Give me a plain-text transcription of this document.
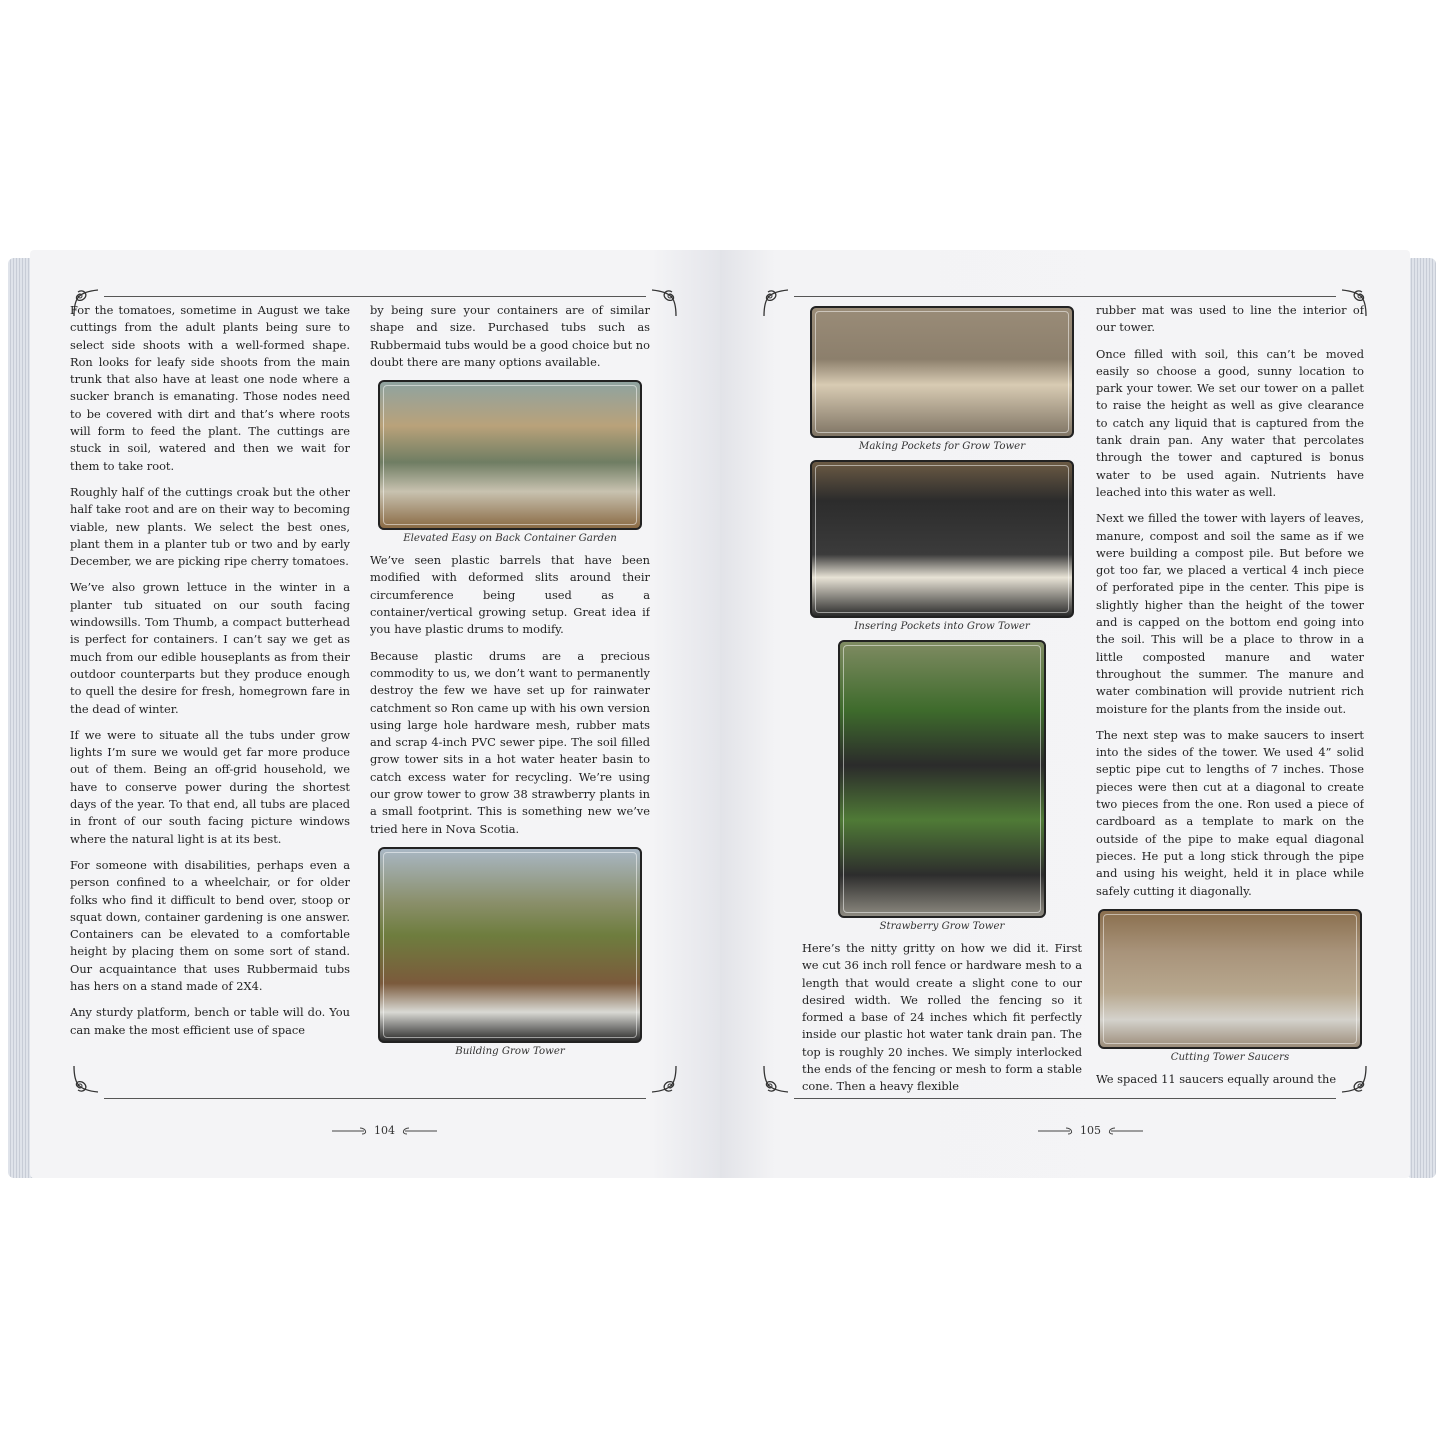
For the tomatoes, sometime in August we take cuttings from the adult plants being sure to select side shoots with a well-formed shape. Ron looks for leafy side shoots from the main trunk that also have at least one node where a sucker branch is emanating. Those nodes need to be covered with dirt and that’s where roots will form to feed the plant. The cuttings are stuck in soil, watered and then we wait for them to take root.

Roughly half of the cuttings croak but the other half take root and are on their way to becoming viable, new plants. We select the best ones, plant them in a planter tub or two and by early December, we are picking ripe cherry tomatoes.

We’ve also grown lettuce in the winter in a planter tub situated on our south facing windowsills. Tom Thumb, a compact butterhead is perfect for containers. I can’t say we get as much from our edible houseplants as from their outdoor counterparts but they produce enough to quell the desire for fresh, homegrown fare in the dead of winter.

If we were to situate all the tubs under grow lights I’m sure we would get far more produce out of them. Being an off-grid household, we have to conserve power during the shortest days of the year. To that end, all tubs are placed in front of our south facing picture windows where the natural light is at its best.

For someone with disabilities, perhaps even a person confined to a wheelchair, or for older folks who find it difficult to bend over, stoop or squat down, container gardening is one answer. Containers can be elevated to a comfortable height by placing them on some sort of stand. Our acquaintance that uses Rubbermaid tubs has hers on a stand made of 2X4.

Any sturdy platform, bench or table will do. You can make the most efficient use of space

by being sure your containers are of similar shape and size. Purchased tubs such as Rubbermaid tubs would be a good choice but no doubt there are many options available.

Elevated Easy on Back Container Garden

We’ve seen plastic barrels that have been modified with deformed slits around their circumference being used as a container/vertical growing setup. Great idea if you have plastic drums to modify.

Because plastic drums are a precious commodity to us, we don’t want to permanently destroy the few we have set up for rainwater catchment so Ron came up with his own version using large hole hardware mesh, rubber mats and scrap 4-inch PVC sewer pipe. The soil filled grow tower sits in a hot water heater basin to catch excess water for recycling. We’re using our grow tower to grow 38 strawberry plants in a small footprint. This is something new we’ve tried here in Nova Scotia.

Building Grow Tower
104
Making Pockets for Grow Tower
Insering Pockets into Grow Tower
Strawberry Grow Tower

Here’s the nitty gritty on how we did it. First we cut 36 inch roll fence or hardware mesh to a length that would create a slight cone to our desired width. We rolled the fencing so it formed a base of 24 inches which fit perfectly inside our plastic hot water tank drain pan. The top is roughly 20 inches. We simply interlocked the ends of the fencing or mesh to form a stable cone. Then a heavy flexible

rubber mat was used to line the interior of our tower.

Once filled with soil, this can’t be moved easily so choose a good, sunny location to park your tower. We set our tower on a pallet to raise the height as well as give clearance to catch any liquid that is captured from the tank drain pan. Any water that percolates through the tower and captured is bonus water to be used again. Nutrients have leached into this water as well.

Next we filled the tower with layers of leaves, manure, compost and soil the same as if we were building a compost pile. But before we got too far, we placed a vertical 4 inch piece of perforated pipe in the center. This pipe is slightly higher than the height of the tower and is capped on the bottom end going into the soil. This will be a place to throw in a little composted manure and water throughout the summer. The manure and water combination will provide nutrient rich moisture for the plants from the inside out.

The next step was to make saucers to insert into the sides of the tower. We used 4” solid septic pipe cut to lengths of 7 inches. Those pieces were then cut at a diagonal to create two pieces from the one. Ron used a piece of cardboard as a template to mark on the outside of the pipe to make equal diagonal pieces. He put a long stick through the pipe and using his weight, held it in place while safely cutting it diagonally.

Cutting Tower Saucers

We spaced 11 saucers equally around the

105
